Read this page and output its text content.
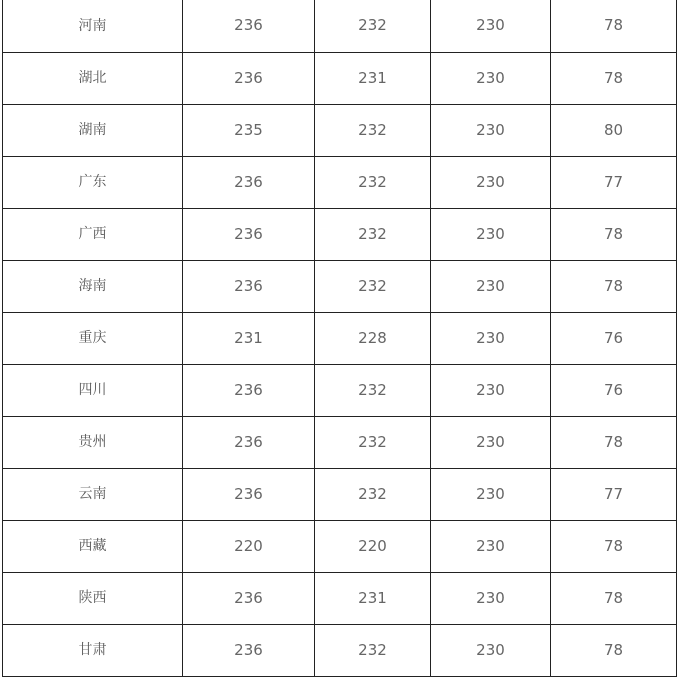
河南	236	232	230	78
湖北	236	231	230	78
湖南	235	232	230	80
广东	236	232	230	77
广西	236	232	230	78
海南	236	232	230	78
重庆	231	228	230	76
四川	236	232	230	76
贵州	236	232	230	78
云南	236	232	230	77
西藏	220	220	230	78
陕西	236	231	230	78
甘肃	236	232	230	78
